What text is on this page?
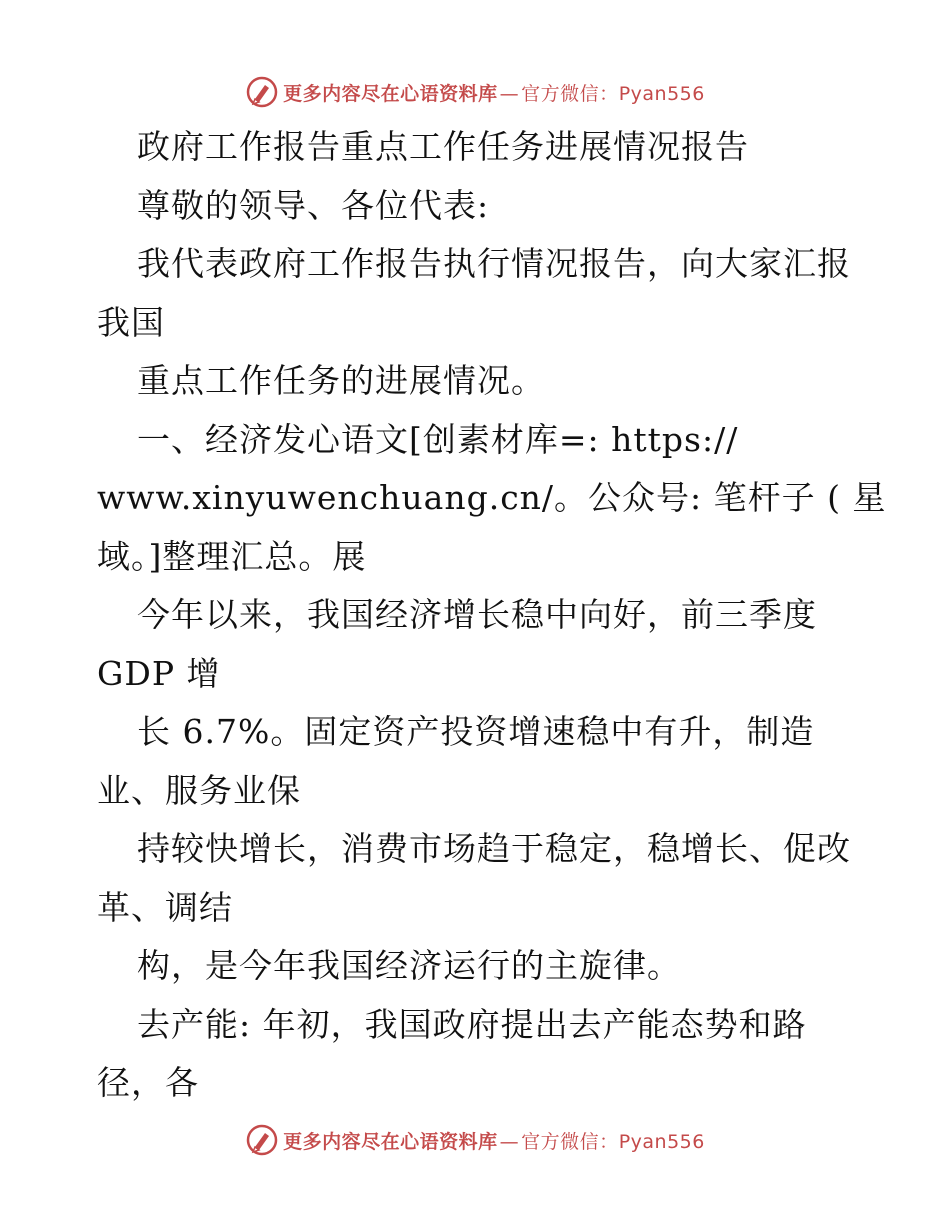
更多内容尽在心语资料库 — 官方微信：Pyan556
政府工作报告重点工作任务进展情况报告
尊敬的领导、各位代表:
我代表政府工作报告执行情况报告，向大家汇报
我国
重点工作任务的进展情况。
一、经济发心语文[创素材库=: https://
www.xinyuwenchuang.cn/。公众号: 笔杆子 ( 星
域。]整理汇总。展
今年以来，我国经济增长稳中向好，前三季度
GDP 增
长 6.7%。固定资产投资增速稳中有升，制造
业、服务业保
持较快增长，消费市场趋于稳定，稳增长、促改
革、调结
构，是今年我国经济运行的主旋律。
去产能: 年初，我国政府提出去产能态势和路
径，各
更多内容尽在心语资料库 — 官方微信：Pyan556
